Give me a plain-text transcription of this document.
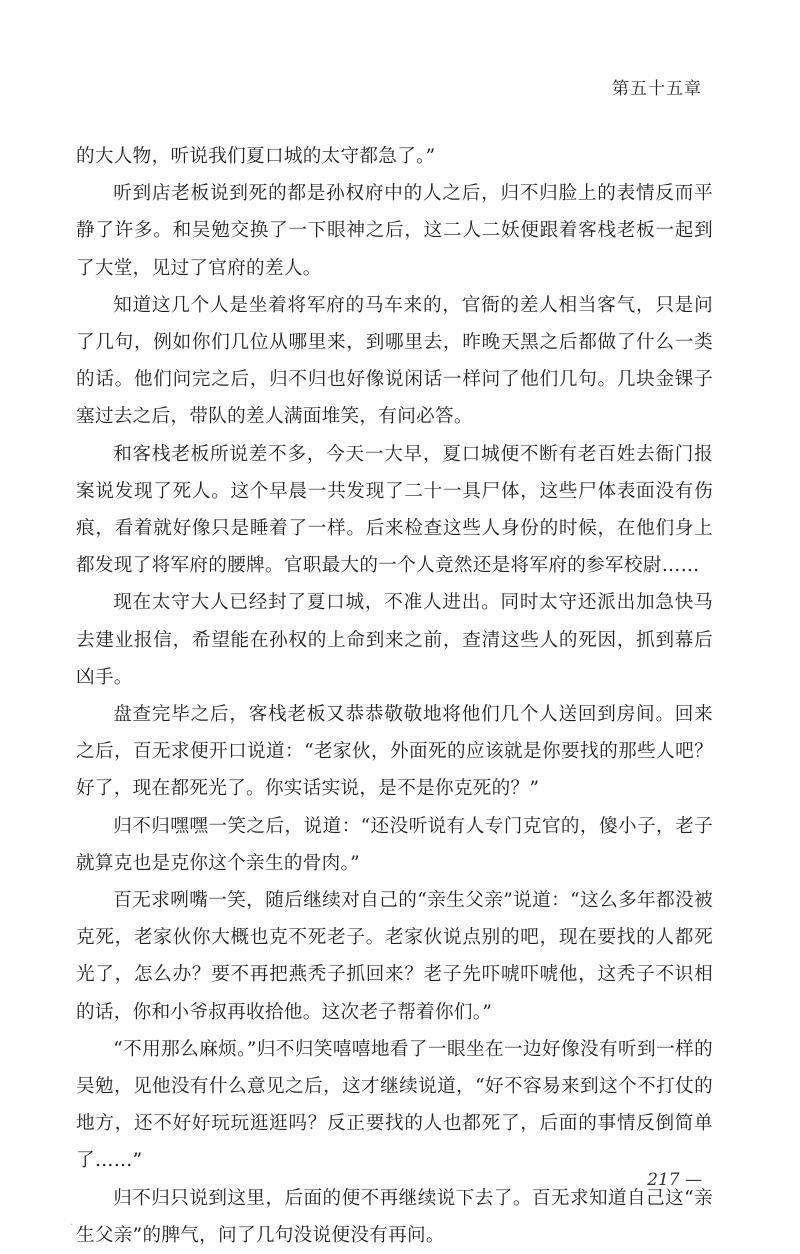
第五十五章

的大人物，听说我们夏口城的太守都急了。”

听到店老板说到死的都是孙权府中的人之后，归不归脸上的表情反而平静了许多。和吴勉交换了一下眼神之后，这二人二妖便跟着客栈老板一起到了大堂，见过了官府的差人。

知道这几个人是坐着将军府的马车来的，官衙的差人相当客气，只是问了几句，例如你们几位从哪里来，到哪里去，昨晚天黑之后都做了什么一类的话。他们问完之后，归不归也好像说闲话一样问了他们几句。几块金锞子塞过去之后，带队的差人满面堆笑，有问必答。

和客栈老板所说差不多，今天一大早，夏口城便不断有老百姓去衙门报案说发现了死人。这个早晨一共发现了二十一具尸体，这些尸体表面没有伤痕，看着就好像只是睡着了一样。后来检查这些人身份的时候，在他们身上都发现了将军府的腰牌。官职最大的一个人竟然还是将军府的参军校尉……

现在太守大人已经封了夏口城，不准人进出。同时太守还派出加急快马去建业报信，希望能在孙权的上命到来之前，查清这些人的死因，抓到幕后凶手。

盘查完毕之后，客栈老板又恭恭敬敬地将他们几个人送回到房间。回来之后，百无求便开口说道：“老家伙，外面死的应该就是你要找的那些人吧？好了，现在都死光了。你实话实说，是不是你克死的？”

归不归嘿嘿一笑之后，说道：“还没听说有人专门克官的，傻小子，老子就算克也是克你这个亲生的骨肉。”

百无求咧嘴一笑，随后继续对自己的“亲生父亲”说道：“这么多年都没被克死，老家伙你大概也克不死老子。老家伙说点别的吧，现在要找的人都死光了，怎么办？要不再把燕秃子抓回来？老子先吓唬吓唬他，这秃子不识相的话，你和小爷叔再收拾他。这次老子帮着你们。”

“不用那么麻烦。”归不归笑嘻嘻地看了一眼坐在一边好像没有听到一样的吴勉，见他没有什么意见之后，这才继续说道，“好不容易来到这个不打仗的地方，还不好好玩玩逛逛吗？反正要找的人也都死了，后面的事情反倒简单了……”

归不归只说到这里，后面的便不再继续说下去了。百无求知道自己这“亲生父亲”的脾气，问了几句没说便没有再问。

217 —
·
